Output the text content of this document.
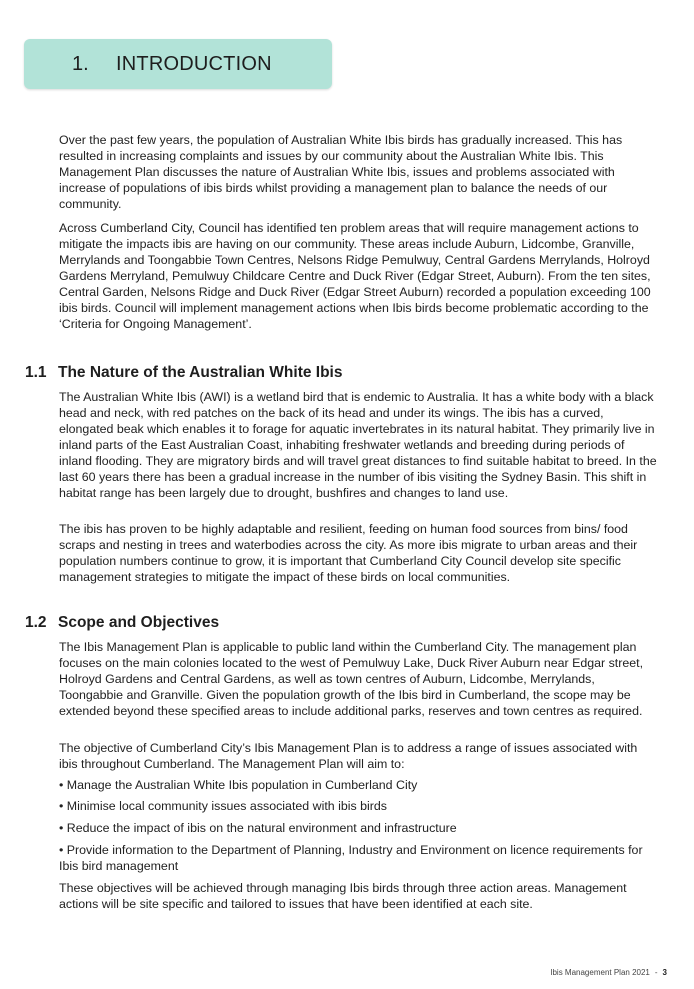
1. INTRODUCTION

Over the past few years, the population of Australian White Ibis birds has gradually increased. This has resulted in increasing complaints and issues by our community about the Australian White Ibis. This Management Plan discusses the nature of Australian White Ibis, issues and problems associated with increase of populations of ibis birds whilst providing a management plan to balance the needs of our community.

Across Cumberland City, Council has identified ten problem areas that will require management actions to mitigate the impacts ibis are having on our community. These areas include Auburn, Lidcombe, Granville, Merrylands and Toongabbie Town Centres, Nelsons Ridge Pemulwuy, Central Gardens Merrylands, Holroyd Gardens Merryland, Pemulwuy Childcare Centre and Duck River (Edgar Street, Auburn). From the ten sites, Central Garden, Nelsons Ridge and Duck River (Edgar Street Auburn) recorded a population exceeding 100 ibis birds. Council will implement management actions when Ibis birds become problematic according to the ‘Criteria for Ongoing Management’.

1.1 The Nature of the Australian White Ibis

The Australian White Ibis (AWI) is a wetland bird that is endemic to Australia. It has a white body with a black head and neck, with red patches on the back of its head and under its wings. The ibis has a curved, elongated beak which enables it to forage for aquatic invertebrates in its natural habitat. They primarily live in inland parts of the East Australian Coast, inhabiting freshwater wetlands and breeding during periods of inland flooding. They are migratory birds and will travel great distances to find suitable habitat to breed. In the last 60 years there has been a gradual increase in the number of ibis visiting the Sydney Basin. This shift in habitat range has been largely due to drought, bushfires and changes to land use.

The ibis has proven to be highly adaptable and resilient, feeding on human food sources from bins/ food scraps and nesting in trees and waterbodies across the city. As more ibis migrate to urban areas and their population numbers continue to grow, it is important that Cumberland City Council develop site specific management strategies to mitigate the impact of these birds on local communities.

1.2 Scope and Objectives

The Ibis Management Plan is applicable to public land within the Cumberland City. The management plan focuses on the main colonies located to the west of Pemulwuy Lake, Duck River Auburn near Edgar street, Holroyd Gardens and Central Gardens, as well as town centres of Auburn, Lidcombe, Merrylands, Toongabbie and Granville. Given the population growth of the Ibis bird in Cumberland, the scope may be extended beyond these specified areas to include additional parks, reserves and town centres as required.

The objective of Cumberland City’s Ibis Management Plan is to address a range of issues associated with ibis throughout Cumberland. The Management Plan will aim to:

• Manage the Australian White Ibis population in Cumberland City

• Minimise local community issues associated with ibis birds

• Reduce the impact of ibis on the natural environment and infrastructure

• Provide information to the Department of Planning, Industry and Environment on licence requirements for Ibis bird management

These objectives will be achieved through managing Ibis birds through three action areas. Management actions will be site specific and tailored to issues that have been identified at each site.

Ibis Management Plan 2021 - 3
